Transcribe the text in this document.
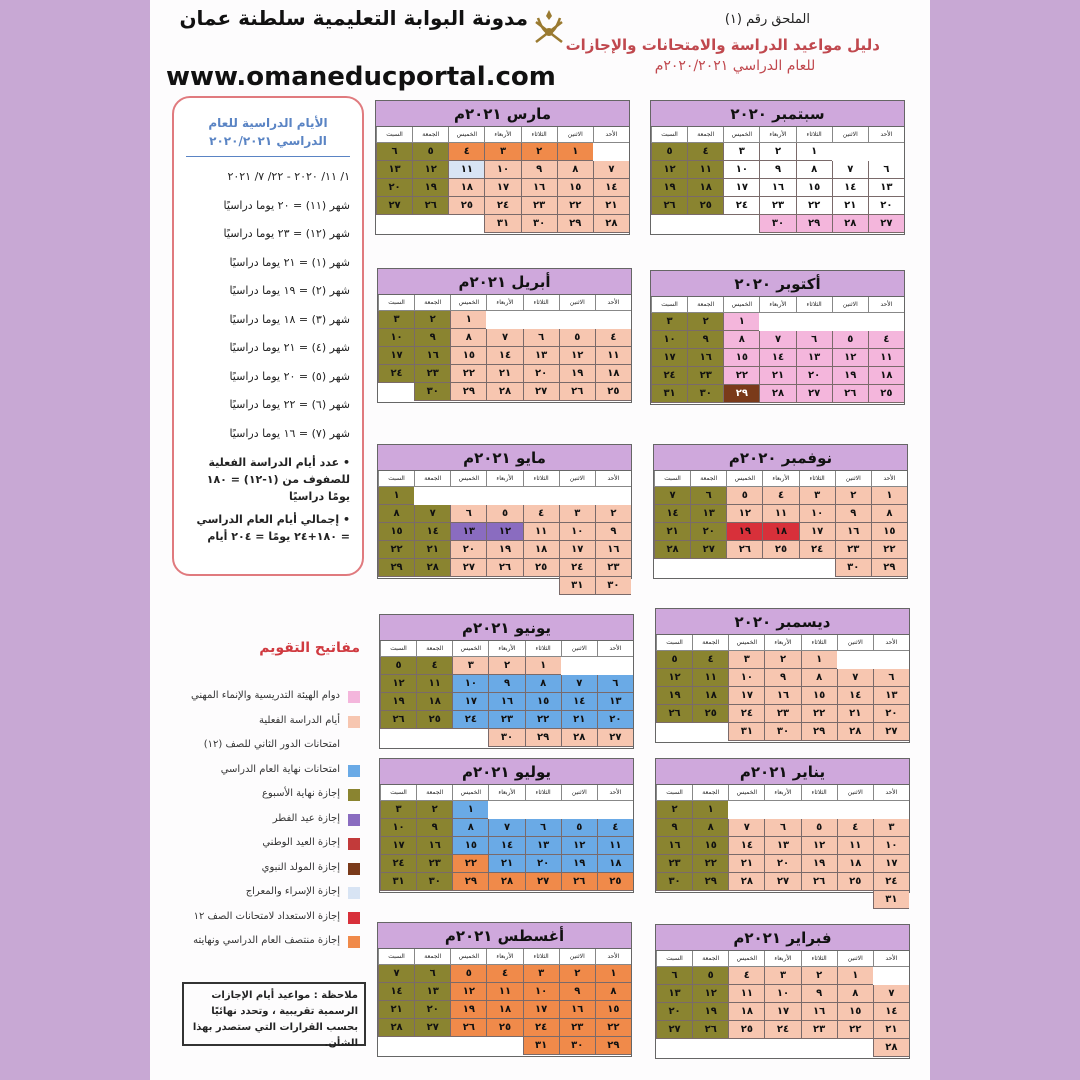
مدونة البوابة التعليمية سلطنة عمان	الملحق رقم (١)
دليل مواعيد الدراسة والامتحانات والإجازات
للعام الدراسي ٢٠٢٠/٢٠٢١م
www.omaneducportal.com
الأيام الدراسية للعام الدراسي ٢٠٢٠/٢٠٢١
١/ ١١/ ٢٠٢٠ - ٢٢/ ٧/ ٢٠٢١
شهر (١١) = ٢٠ يوما دراسيًا
شهر (١٢) = ٢٣ يوما دراسيًا
شهر (١) = ٢١ يوما دراسيًا
شهر (٢) = ١٩ يوما دراسيًا
شهر (٣) = ١٨ يوما دراسيًا
شهر (٤) = ٢١ يوما دراسيًا
شهر (٥) = ٢٠ يوما دراسيًا
شهر (٦) = ٢٢ يوما دراسيًا
شهر (٧) = ١٦ يوما دراسيًا
• عدد أيام الدراسة الفعلية للصفوف من (١-١٢) = ١٨٠ يومًا دراسيًا
• إجمالي أيام العام الدراسي = ١٨٠+٢٤ يومًا = ٢٠٤ أيام
مفاتيح التقويم
دوام الهيئة التدريسية والإنماء المهني
أيام الدراسة الفعلية
امتحانات الدور الثاني للصف (١٢)
امتحانات نهاية العام الدراسي
إجازة نهاية الأسبوع
إجازة عيد الفطر
إجازة العيد الوطني
إجازة المولد النبوي
إجازة الإسراء والمعراج
إجازة الاستعداد لامتحانات الصف ١٢
إجازة منتصف العام الدراسي ونهايته
ملاحظة : مواعيد أيام الإجازات الرسمية تقريبية ، وتحدد نهائيًا بحسب القرارات التي ستصدر بهذا الشأن.
سبتمبر ٢٠٢٠
الأحد
الاثنين
الثلاثاء
الأربعاء
الخميس
الجمعة
السبت
١
٢
٣
٤
٥
٦
٧
٨
٩
١٠
١١
١٢
١٣
١٤
١٥
١٦
١٧
١٨
١٩
٢٠
٢١
٢٢
٢٣
٢٤
٢٥
٢٦
٢٧
٢٨
٢٩
٣٠
أكتوبر ٢٠٢٠
الأحد
الاثنين
الثلاثاء
الأربعاء
الخميس
الجمعة
السبت
١
٢
٣
٤
٥
٦
٧
٨
٩
١٠
١١
١٢
١٣
١٤
١٥
١٦
١٧
١٨
١٩
٢٠
٢١
٢٢
٢٣
٢٤
٢٥
٢٦
٢٧
٢٨
٢٩
٣٠
٣١
نوفمبر ٢٠٢٠م
الأحد
الاثنين
الثلاثاء
الأربعاء
الخميس
الجمعة
السبت
١
٢
٣
٤
٥
٦
٧
٨
٩
١٠
١١
١٢
١٣
١٤
١٥
١٦
١٧
١٨
١٩
٢٠
٢١
٢٢
٢٣
٢٤
٢٥
٢٦
٢٧
٢٨
٢٩
٣٠
ديسمبر ٢٠٢٠
الأحد
الاثنين
الثلاثاء
الأربعاء
الخميس
الجمعة
السبت
١
٢
٣
٤
٥
٦
٧
٨
٩
١٠
١١
١٢
١٣
١٤
١٥
١٦
١٧
١٨
١٩
٢٠
٢١
٢٢
٢٣
٢٤
٢٥
٢٦
٢٧
٢٨
٢٩
٣٠
٣١
يناير ٢٠٢١م
الأحد
الاثنين
الثلاثاء
الأربعاء
الخميس
الجمعة
السبت
١
٢
٣
٤
٥
٦
٧
٨
٩
١٠
١١
١٢
١٣
١٤
١٥
١٦
١٧
١٨
١٩
٢٠
٢١
٢٢
٢٣
٢٤
٢٥
٢٦
٢٧
٢٨
٢٩
٣٠
٣١
فبراير ٢٠٢١م
الأحد
الاثنين
الثلاثاء
الأربعاء
الخميس
الجمعة
السبت
١
٢
٣
٤
٥
٦
٧
٨
٩
١٠
١١
١٢
١٣
١٤
١٥
١٦
١٧
١٨
١٩
٢٠
٢١
٢٢
٢٣
٢٤
٢٥
٢٦
٢٧
٢٨
مارس ٢٠٢١م
الأحد
الاثنين
الثلاثاء
الأربعاء
الخميس
الجمعة
السبت
١
٢
٣
٤
٥
٦
٧
٨
٩
١٠
١١
١٢
١٣
١٤
١٥
١٦
١٧
١٨
١٩
٢٠
٢١
٢٢
٢٣
٢٤
٢٥
٢٦
٢٧
٢٨
٢٩
٣٠
٣١
أبريل ٢٠٢١م
الأحد
الاثنين
الثلاثاء
الأربعاء
الخميس
الجمعة
السبت
١
٢
٣
٤
٥
٦
٧
٨
٩
١٠
١١
١٢
١٣
١٤
١٥
١٦
١٧
١٨
١٩
٢٠
٢١
٢٢
٢٣
٢٤
٢٥
٢٦
٢٧
٢٨
٢٩
٣٠
مايو ٢٠٢١م
الأحد
الاثنين
الثلاثاء
الأربعاء
الخميس
الجمعة
السبت
١
٢
٣
٤
٥
٦
٧
٨
٩
١٠
١١
١٢
١٣
١٤
١٥
١٦
١٧
١٨
١٩
٢٠
٢١
٢٢
٢٣
٢٤
٢٥
٢٦
٢٧
٢٨
٢٩
٣٠
٣١
يونيو ٢٠٢١م
الأحد
الاثنين
الثلاثاء
الأربعاء
الخميس
الجمعة
السبت
١
٢
٣
٤
٥
٦
٧
٨
٩
١٠
١١
١٢
١٣
١٤
١٥
١٦
١٧
١٨
١٩
٢٠
٢١
٢٢
٢٣
٢٤
٢٥
٢٦
٢٧
٢٨
٢٩
٣٠
يوليو ٢٠٢١م
الأحد
الاثنين
الثلاثاء
الأربعاء
الخميس
الجمعة
السبت
١
٢
٣
٤
٥
٦
٧
٨
٩
١٠
١١
١٢
١٣
١٤
١٥
١٦
١٧
١٨
١٩
٢٠
٢١
٢٢
٢٣
٢٤
٢٥
٢٦
٢٧
٢٨
٢٩
٣٠
٣١
أغسطس ٢٠٢١م
الأحد
الاثنين
الثلاثاء
الأربعاء
الخميس
الجمعة
السبت
١
٢
٣
٤
٥
٦
٧
٨
٩
١٠
١١
١٢
١٣
١٤
١٥
١٦
١٧
١٨
١٩
٢٠
٢١
٢٢
٢٣
٢٤
٢٥
٢٦
٢٧
٢٨
٢٩
٣٠
٣١
